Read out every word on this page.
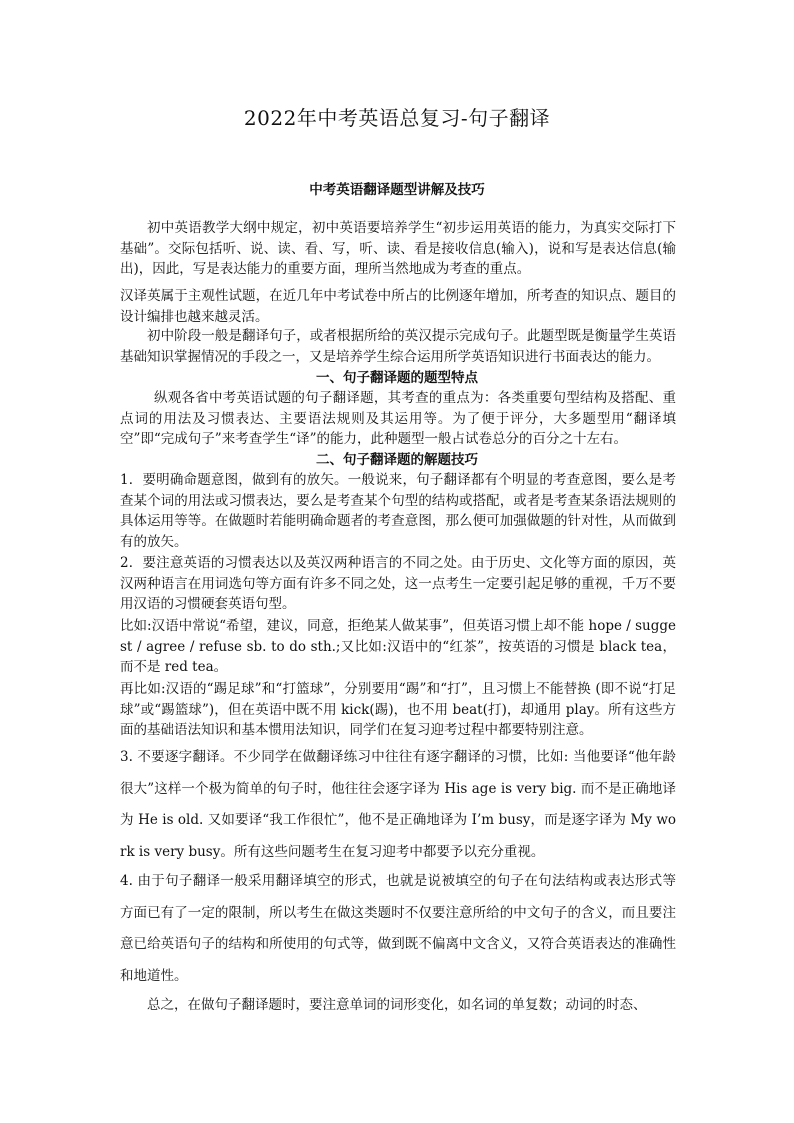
2022年中考英语总复习-句子翻译
中考英语翻译题型讲解及技巧

初中英语教学大纲中规定，初中英语要培养学生“初步运用英语的能力，为真实交际打下基础”。交际包括听、说、读、看、写，听、读、看是接收信息(输入)，说和写是表达信息(输出)，因此，写是表达能力的重要方面，理所当然地成为考查的重点。

汉译英属于主观性试题，在近几年中考试卷中所占的比例逐年增加，所考查的知识点、题目的设计编排也越来越灵活。

初中阶段一般是翻译句子，或者根据所给的英汉提示完成句子。此题型既是衡量学生英语基础知识掌握情况的手段之一，又是培养学生综合运用所学英语知识进行书面表达的能力。

一、句子翻译题的题型特点

纵观各省中考英语试题的句子翻译题，其考查的重点为：各类重要句型结构及搭配、重点词的用法及习惯表达、主要语法规则及其运用等。为了便于评分，大多题型用“翻译填空”即“完成句子”来考查学生“译”的能力，此种题型一般占试卷总分的百分之十左右。

二、句子翻译题的解题技巧

1．要明确命题意图，做到有的放矢。一般说来，句子翻译都有个明显的考查意图，要么是考查某个词的用法或习惯表达，要么是考查某个句型的结构或搭配，或者是考查某条语法规则的具体运用等等。在做题时若能明确命题者的考查意图，那么便可加强做题的针对性，从而做到有的放矢。

2．要注意英语的习惯表达以及英汉两种语言的不同之处。由于历史、文化等方面的原因，英汉两种语言在用词选句等方面有许多不同之处，这一点考生一定要引起足够的重视，千万不要用汉语的习惯硬套英语句型。

比如:汉语中常说“希望，建议，同意，拒绝某人做某事”，但英语习惯上却不能 hope / suggest / agree / refuse sb. to do sth.;又比如:汉语中的“红茶”，按英语的习惯是 black tea，而不是 red tea。

再比如:汉语的“踢足球”和“打篮球”，分别要用“踢”和“打”，且习惯上不能替换 (即不说“打足球”或“踢篮球”)，但在英语中既不用 kick(踢)，也不用 beat(打)，却通用 play。所有这些方面的基础语法知识和基本惯用法知识，同学们在复习迎考过程中都要特别注意。

3. 不要逐字翻译。不少同学在做翻译练习中往往有逐字翻译的习惯，比如: 当他要译“他年龄很大”这样一个极为简单的句子时，他往往会逐字译为 His age is very big. 而不是正确地译为 He is old. 又如要译“我工作很忙”，他不是正确地译为 I’m busy，而是逐字译为 My work is very busy。所有这些问题考生在复习迎考中都要予以充分重视。

4. 由于句子翻译一般采用翻译填空的形式，也就是说被填空的句子在句法结构或表达形式等方面已有了一定的限制，所以考生在做这类题时不仅要注意所给的中文句子的含义，而且要注意已给英语句子的结构和所使用的句式等，做到既不偏离中文含义，又符合英语表达的准确性和地道性。

总之，在做句子翻译题时，要注意单词的词形变化，如名词的单复数；动词的时态、
